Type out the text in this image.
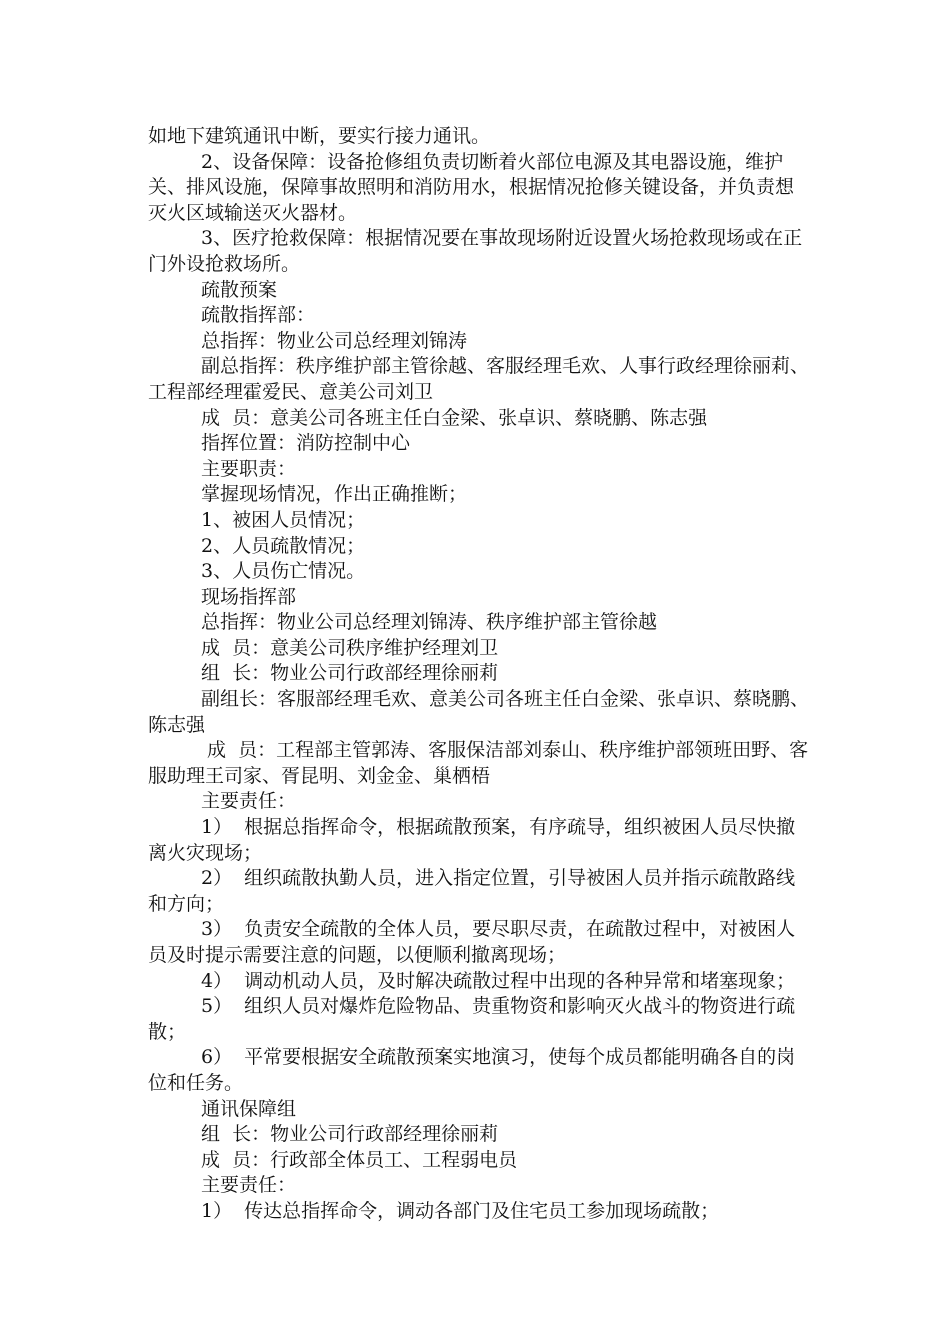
如地下建筑通讯中断，要实行接力通讯。

2、设备保障：设备抢修组负责切断着火部位电源及其电器设施，维护关、排风设施，保障事故照明和消防用水，根据情况抢修关键设备，并负责想灭火区域输送灭火器材。

3、医疗抢救保障：根据情况要在事故现场附近设置火场抢救现场或在正门外设抢救场所。

疏散预案

疏散指挥部：

总指挥：物业公司总经理刘锦涛

副总指挥：秩序维护部主管徐越、客服经理毛欢、人事行政经理徐丽莉、工程部经理霍爱民、意美公司刘卫

成  员：意美公司各班主任白金梁、张卓识、蔡晓鹏、陈志强

指挥位置：消防控制中心

主要职责：

掌握现场情况，作出正确推断；

1、被困人员情况；

2、人员疏散情况；

3、人员伤亡情况。

现场指挥部

总指挥：物业公司总经理刘锦涛、秩序维护部主管徐越

成  员：意美公司秩序维护经理刘卫

组  长：物业公司行政部经理徐丽莉

副组长：客服部经理毛欢、意美公司各班主任白金梁、张卓识、蔡晓鹏、陈志强

成  员：工程部主管郭涛、客服保洁部刘泰山、秩序维护部领班田野、客服助理王司家、胥昆明、刘金金、巢栖梧

主要责任：

1）  根据总指挥命令，根据疏散预案，有序疏导，组织被困人员尽快撤离火灾现场；

2）  组织疏散执勤人员，进入指定位置，引导被困人员并指示疏散路线和方向；

3）  负责安全疏散的全体人员，要尽职尽责，在疏散过程中，对被困人员及时提示需要注意的问题，以便顺利撤离现场；

4）  调动机动人员，及时解决疏散过程中出现的各种异常和堵塞现象；

5）  组织人员对爆炸危险物品、贵重物资和影响灭火战斗的物资进行疏散；

6）  平常要根据安全疏散预案实地演习，使每个成员都能明确各自的岗位和任务。

通讯保障组

组  长：物业公司行政部经理徐丽莉

成  员：行政部全体员工、工程弱电员

主要责任：

1）  传达总指挥命令，调动各部门及住宅员工参加现场疏散；
